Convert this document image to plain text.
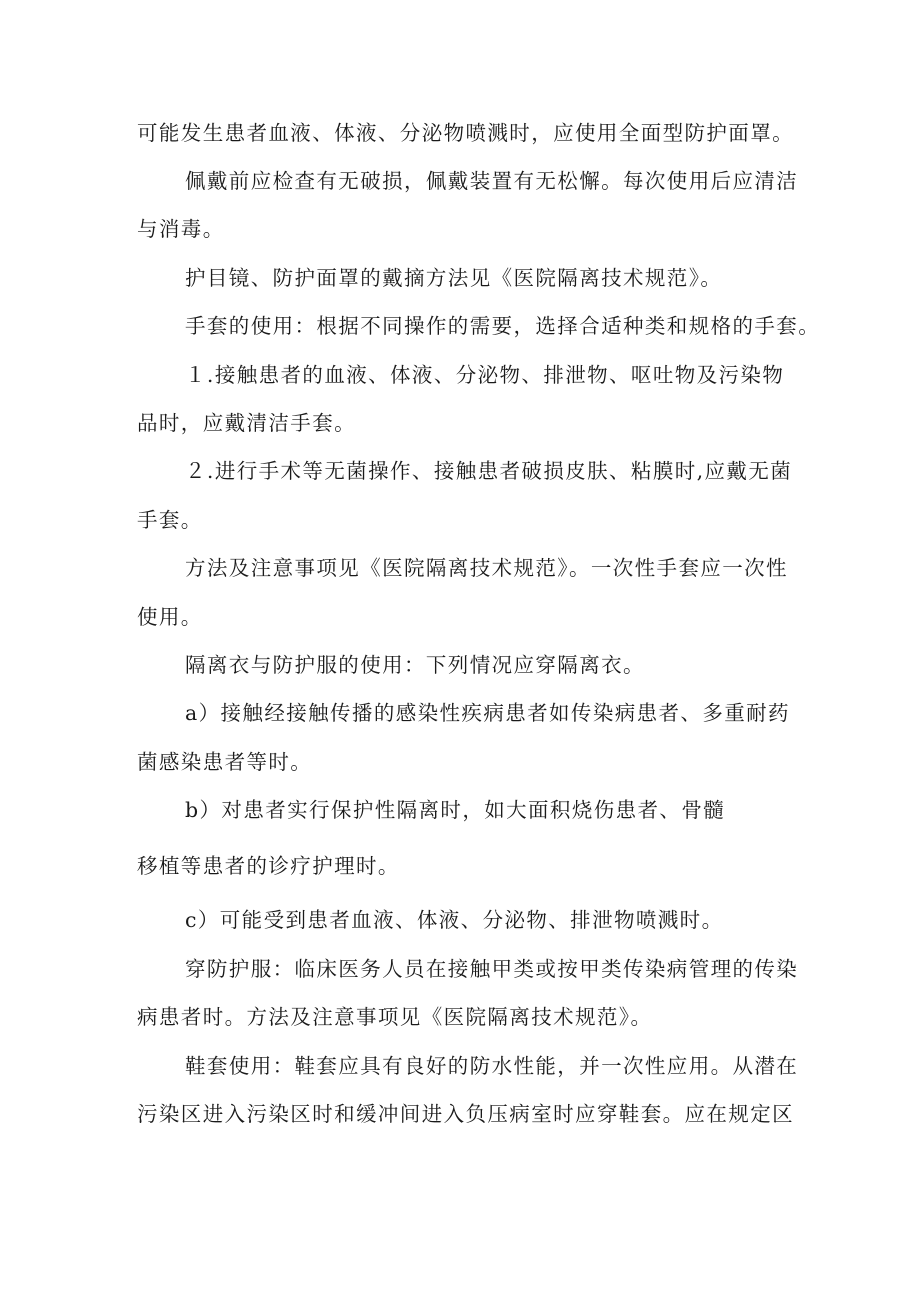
可能发生患者血液、体液、分泌物喷溅时，应使用全面型防护面罩。
佩戴前应检查有无破损，佩戴装置有无松懈。每次使用后应清洁
与消毒。
护目镜、防护面罩的戴摘方法见《医院隔离技术规范》。
手套的使用：根据不同操作的需要，选择合适种类和规格的手套。
１.接触患者的血液、体液、分泌物、排泄物、呕吐物及污染物
品时，应戴清洁手套。
２.进行手术等无菌操作、接触患者破损皮肤、粘膜时,应戴无菌
手套。
方法及注意事项见《医院隔离技术规范》。一次性手套应一次性
使用。
隔离衣与防护服的使用：下列情况应穿隔离衣。
a）接触经接触传播的感染性疾病患者如传染病患者、多重耐药
菌感染患者等时。
b）对患者实行保护性隔离时，如大面积烧伤患者、骨髓
移植等患者的诊疗护理时。
c）可能受到患者血液、体液、分泌物、排泄物喷溅时。
穿防护服：临床医务人员在接触甲类或按甲类传染病管理的传染
病患者时。方法及注意事项见《医院隔离技术规范》。
鞋套使用：鞋套应具有良好的防水性能，并一次性应用。从潜在
污染区进入污染区时和缓冲间进入负压病室时应穿鞋套。应在规定区
